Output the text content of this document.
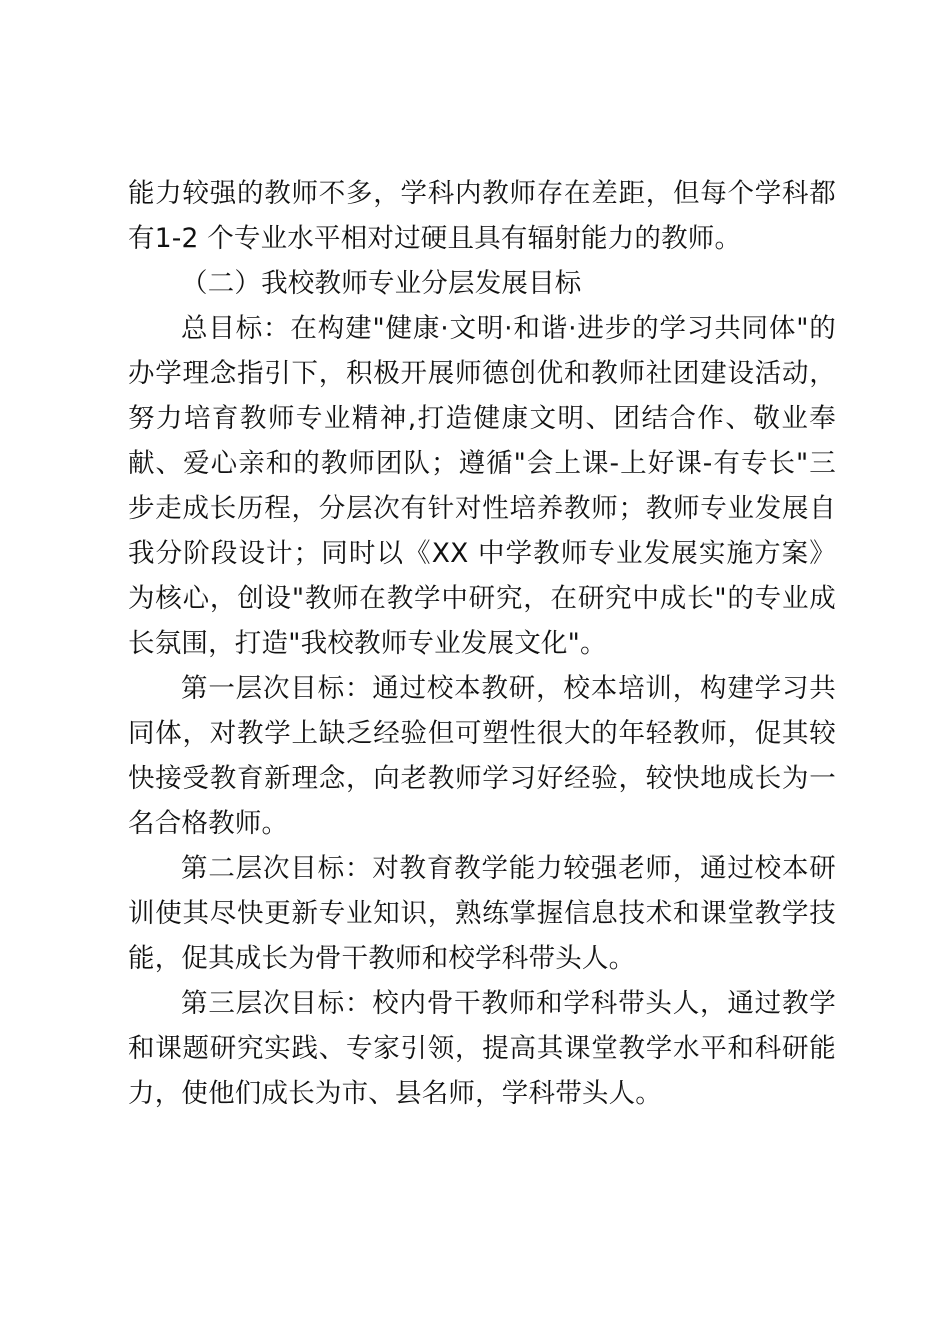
能力较强的教师不多，学科内教师存在差距，但每个学科都有1-2 个专业水平相对过硬且具有辐射能力的教师。

（二）我校教师专业分层发展目标

总目标：在构建"健康·文明·和谐·进步的学习共同体"的办学理念指引下，积极开展师德创优和教师社团建设活动，努力培育教师专业精神,打造健康文明、团结合作、敬业奉献、爱心亲和的教师团队；遵循"会上课-上好课-有专长"三步走成长历程，分层次有针对性培养教师；教师专业发展自我分阶段设计；同时以《XX 中学教师专业发展实施方案》为核心，创设"教师在教学中研究，在研究中成长"的专业成长氛围，打造"我校教师专业发展文化"。

第一层次目标：通过校本教研，校本培训，构建学习共同体，对教学上缺乏经验但可塑性很大的年轻教师，促其较快接受教育新理念，向老教师学习好经验，较快地成长为一名合格教师。

第二层次目标：对教育教学能力较强老师，通过校本研训使其尽快更新专业知识，熟练掌握信息技术和课堂教学技能，促其成长为骨干教师和校学科带头人。

第三层次目标：校内骨干教师和学科带头人，通过教学和课题研究实践、专家引领，提高其课堂教学水平和科研能力，使他们成长为市、县名师，学科带头人。
